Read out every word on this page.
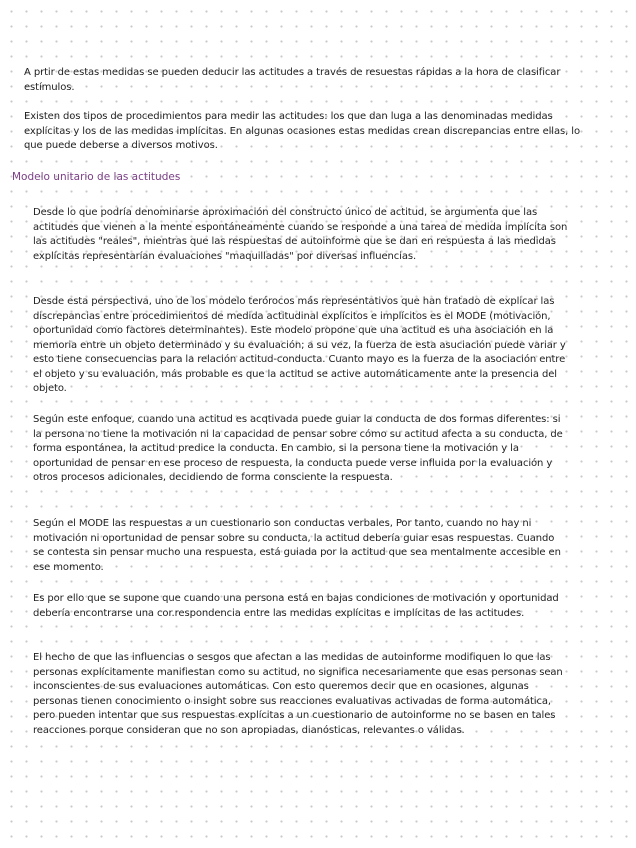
A prtir de estas medidas se pueden deducir las actitudes a través de resuestas rápidas a la hora de clasificar estímulos.

Existen dos tipos de procedimientos para medir las actitudes: los que dan luga a las denominadas medidas explícitas y los de las medidas implícitas. En algunas ocasiones estas medidas crean discrepancias entre ellas, lo que puede deberse a diversos motivos.

Modelo unitario de las actitudes

Desde lo que podría denominarse aproximación del constructo único de actitud, se argumenta que las actitudes que vienen a la mente espontáneamente cuando se responde a una tarea de medida implícita son las actitudes "reales", mientras que las respuestas de autoinforme que se dan en respuesta a las medidas explícitas representarían evaluaciones "maquilladas" por diversas influencias.

Desde esta perspectiva, uno de los modelo terórocos más representativos que han tratado de explicar las discrepancias entre procedimientos de medida actitudinal explícitos e implícitos es el MODE (motivación, oportunidad como factores determinantes). Este modelo propone que una actitud es una asociación en la memoria entre un objeto determinado y su evaluación; a su vez, la fuerza de esta asuciación puede variar y esto tiene consecuencias para la relación actitud-conducta. Cuanto mayo es la fuerza de la asociación entre el objeto y su evaluación, más probable es que la actitud se active automáticamente ante la presencia del objeto.

Según este enfoque, cuando una actitud es acqtivada puede guiar la conducta de dos formas diferentes: si la persona no tiene la motivación ni la capacidad de pensar sobre cómo su actitud afecta a su conducta, de forma espontánea, la actitud predice la conducta. En cambio, si la persona tiene la motivación y la oportunidad de pensar en ese proceso de respuesta, la conducta puede verse influida por la evaluación y otros procesos adicionales, decidiendo de forma consciente la respuesta.

Según el MODE las respuestas a un cuestionario son conductas verbales, Por tanto, cuando no hay ni motivación ni oportunidad de pensar sobre su conducta, la actitud debería guiar esas respuestas. Cuando se contesta sin pensar mucho una respuesta, está guiada por la actitud que sea mentalmente accesible en ese momento.

Es por ello que se supone que cuando una persona está en bajas condiciones de motivación y oportunidad debería encontrarse una cor.respondencia entre las medidas explícitas e implícitas de las actitudes.

El hecho de que las influencias o sesgos que afectan a las medidas de autoinforme modifiquen lo que las personas explícitamente manifiestan como su actitud, no significa necesariamente que esas personas sean inconscientes de sus evaluaciones automáticas. Con esto queremos decir que en ocasiones, algunas personas tienen conocimiento o insight sobre sus reacciones evaluativas activadas de forma automática, pero pueden intentar que sus respuestas explícitas a un cuestionario de autoinforme no se basen en tales reacciones porque consideran que no son apropiadas, dianósticas, relevantes o válidas.
